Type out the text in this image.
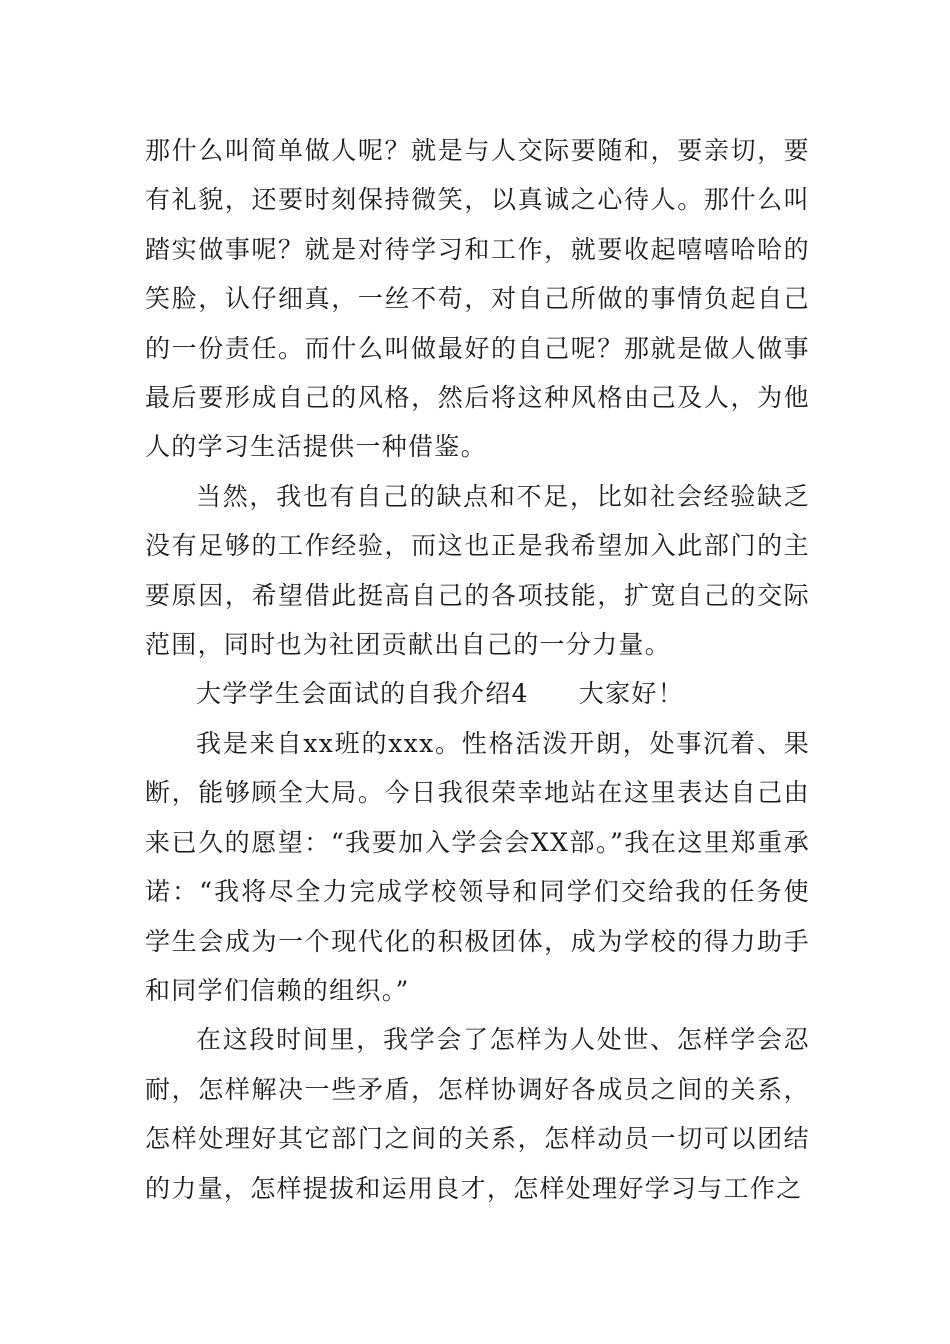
那什么叫简单做人呢？就是与人交际要随和，要亲切，要有礼貌，还要时刻保持微笑，以真诚之心待人。那什么叫踏实做事呢？就是对待学习和工作，就要收起嘻嘻哈哈的笑脸，认仔细真，一丝不苟，对自己所做的事情负起自己的一份责任。而什么叫做最好的自己呢？那就是做人做事最后要形成自己的风格，然后将这种风格由己及人，为他人的学习生活提供一种借鉴。

当然，我也有自己的缺点和不足，比如社会经验缺乏没有足够的工作经验，而这也正是我希望加入此部门的主要原因，希望借此挺高自己的各项技能，扩宽自己的交际范围，同时也为社团贡献出自己的一分力量。

大学学生会面试的自我介绍4 大家好！

我是来自xx班的xxx。性格活泼开朗，处事沉着、果断，能够顾全大局。今日我很荣幸地站在这里表达自己由来已久的愿望：“我要加入学会会XX部。”我在这里郑重承诺：“我将尽全力完成学校领导和同学们交给我的任务使学生会成为一个现代化的积极团体，成为学校的得力助手和同学们信赖的组织。”

在这段时间里，我学会了怎样为人处世、怎样学会忍耐，怎样解决一些矛盾，怎样协调好各成员之间的关系，怎样处理好其它部门之间的关系，怎样动员一切可以团结的力量，怎样提拔和运用良才，怎样处理好学习与工作之
